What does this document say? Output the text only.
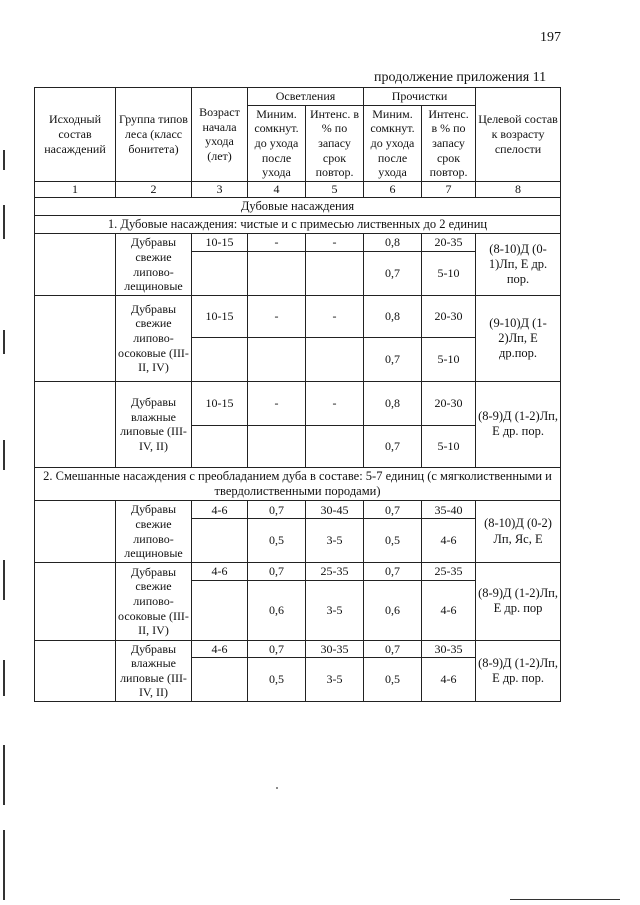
197
продолжение приложения 11
Исходный состав насаждений	Группа типов леса (класс бонитета)	Возраст начала ухода (лет)	Осветления		Прочистки		Целевой состав к возрасту спелости
			Миним. сомкнут. до ухода после ухода	Интенс. в % по запасу срок повтор.	Миним. сомкнут. до ухода после ухода	Интенс. в % по запасу срок повтор.	
1	2	3	4	5	6	7	8
Дубовые насаждения							
1. Дубовые насаждения: чистые и с примесью лиственных до 2 единиц							
	Дубравы свежие липово-лещиновые	10-15	-	-	0,8	20-35	(8-10)Д (0-1)Лп, Е др. пор.
					0,7	5-10	
	Дубравы свежие липово-осоковые (III-II, IV)	10-15	-	-	0,8	20-30	(9-10)Д (1-2)Лп, Е др.пор.
					0,7	5-10	
	Дубравы влажные липовые (III-IV, II)	10-15	-	-	0,8	20-30	(8-9)Д (1-2)Лп, Е др. пор.
					0,7	5-10	
2. Смешанные насаждения с преобладанием дуба в составе: 5-7 единиц (с мягколиственными и твердолиственными породами)							
	Дубравы свежие липово-лещиновые	4-6	0,7	30-45	0,7	35-40	(8-10)Д (0-2) Лп, Яс, Е
			0,5	3-5	0,5	4-6	
	Дубравы свежие липово-осоковые (III-II, IV)	4-6	0,7	25-35	0,7	25-35	(8-9)Д (1-2)Лп, Е др. пор
			0,6	3-5	0,6	4-6	
	Дубравы влажные липовые (III-IV, II)	4-6	0,7	30-35	0,7	30-35	(8-9)Д (1-2)Лп, Е др. пор.
			0,5	3-5	0,5	4-6	
